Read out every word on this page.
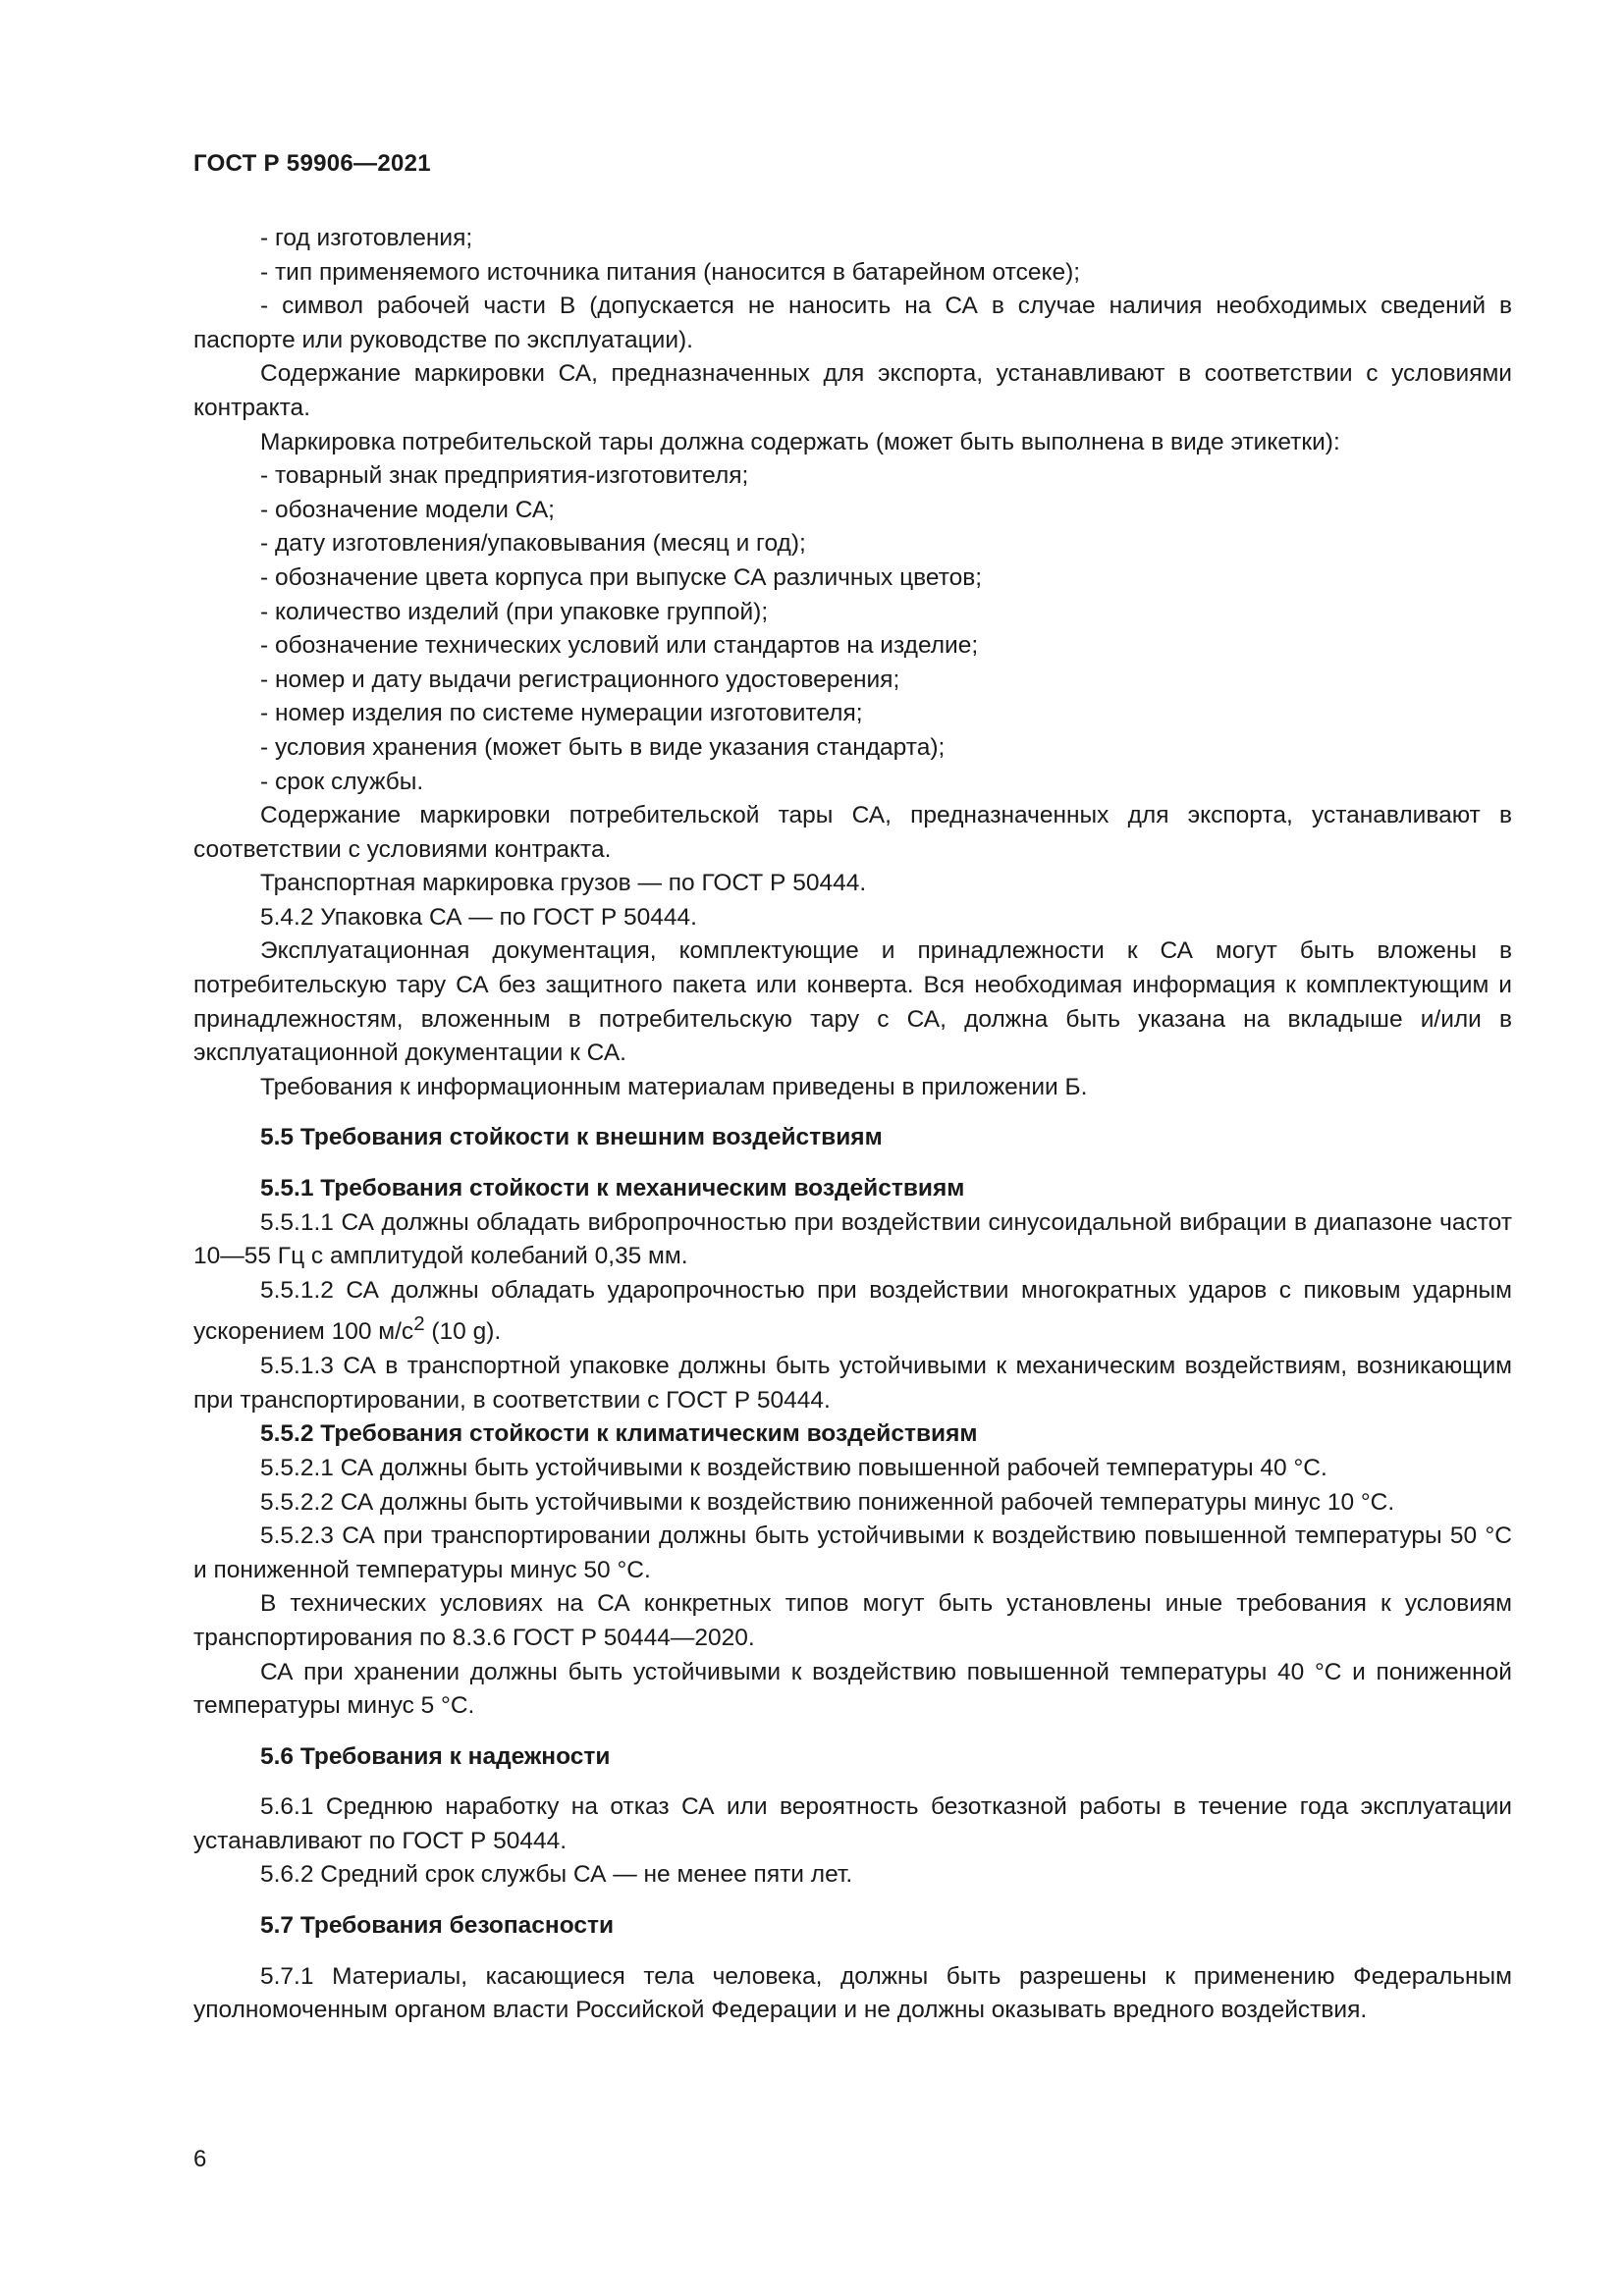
ГОСТ Р 59906—2021

- год изготовления;

- тип применяемого источника питания (наносится в батарейном отсеке);

- символ рабочей части B (допускается не наносить на СА в случае наличия необходимых сведений в паспорте или руководстве по эксплуатации).

Содержание маркировки СА, предназначенных для экспорта, устанавливают в соответствии с условиями контракта.

Маркировка потребительской тары должна содержать (может быть выполнена в виде этикетки):

- товарный знак предприятия-изготовителя;

- обозначение модели СА;

- дату изготовления/упаковывания (месяц и год);

- обозначение цвета корпуса при выпуске СА различных цветов;

- количество изделий (при упаковке группой);

- обозначение технических условий или стандартов на изделие;

- номер и дату выдачи регистрационного удостоверения;

- номер изделия по системе нумерации изготовителя;

- условия хранения (может быть в виде указания стандарта);

- срок службы.

Содержание маркировки потребительской тары СА, предназначенных для экспорта, устанавливают в соответствии с условиями контракта.

Транспортная маркировка грузов — по ГОСТ Р 50444.

5.4.2 Упаковка СА — по ГОСТ Р 50444.

Эксплуатационная документация, комплектующие и принадлежности к СА могут быть вложены в потребительскую тару СА без защитного пакета или конверта. Вся необходимая информация к комплектующим и принадлежностям, вложенным в потребительскую тару с СА, должна быть указана на вкладыше и/или в эксплуатационной документации к СА.

Требования к информационным материалам приведены в приложении Б.

5.5 Требования стойкости к внешним воздействиям

5.5.1 Требования стойкости к механическим воздействиям

5.5.1.1 СА должны обладать вибропрочностью при воздействии синусоидальной вибрации в диапазоне частот 10—55 Гц с амплитудой колебаний 0,35 мм.

5.5.1.2 СА должны обладать ударопрочностью при воздействии многократных ударов с пиковым ударным ускорением 100 $м/с^2$ (10 g).

5.5.1.3 СА в транспортной упаковке должны быть устойчивыми к механическим воздействиям, возникающим при транспортировании, в соответствии с ГОСТ Р 50444.

5.5.2 Требования стойкости к климатическим воздействиям

5.5.2.1 СА должны быть устойчивыми к воздействию повышенной рабочей температуры 40 °С.

5.5.2.2 СА должны быть устойчивыми к воздействию пониженной рабочей температуры минус 10 °С.

5.5.2.3 СА при транспортировании должны быть устойчивыми к воздействию повышенной температуры 50 °С и пониженной температуры минус 50 °С.

В технических условиях на СА конкретных типов могут быть установлены иные требования к условиям транспортирования по 8.3.6 ГОСТ Р 50444—2020.

СА при хранении должны быть устойчивыми к воздействию повышенной температуры 40 °С и пониженной температуры минус 5 °С.

5.6 Требования к надежности

5.6.1 Среднюю наработку на отказ СА или вероятность безотказной работы в течение года эксплуатации устанавливают по ГОСТ Р 50444.

5.6.2 Средний срок службы СА — не менее пяти лет.

5.7 Требования безопасности

5.7.1 Материалы, касающиеся тела человека, должны быть разрешены к применению Федеральным уполномоченным органом власти Российской Федерации и не должны оказывать вредного воздействия.

6
